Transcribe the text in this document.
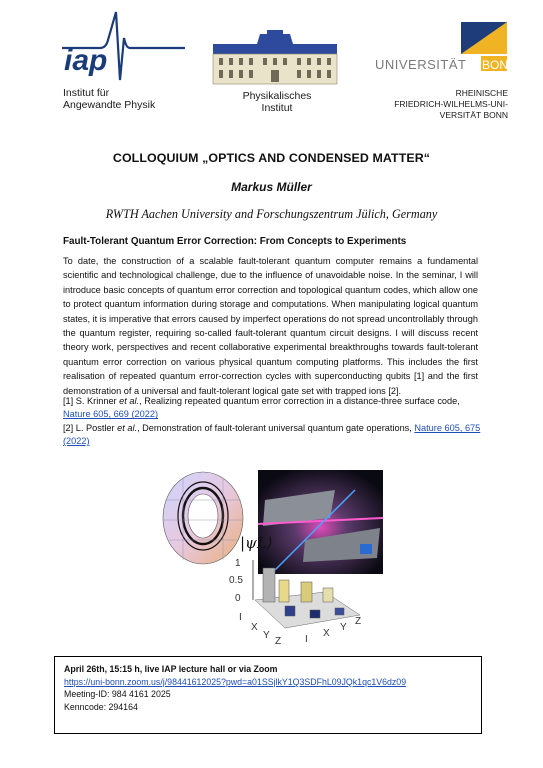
iap
Institut für
Angewandte Physik
Physikalisches
Institut
UNIVERSITÄT BONN
RHEINISCHE
FRIEDRICH-WILHELMS-UNI-
VERSITÄT BONN
COLLOQUIUM „OPTICS AND CONDENSED MATTER“
Markus Müller
RWTH Aachen University and Forschungszentrum Jülich, Germany
Fault-Tolerant Quantum Error Correction: From Concepts to Experiments
To date, the construction of a scalable fault-tolerant quantum computer remains a fundamental scientific and technological challenge, due to the influence of unavoidable noise. In the seminar, I will introduce basic concepts of quantum error correction and topological quantum codes, which allow one to protect quantum information during storage and computations. When manipulating logical quantum states, it is imperative that errors caused by imperfect operations do not spread uncontrollably through the quantum register, requiring so-called fault-tolerant quantum circuit designs. I will discuss recent theory work, perspectives and recent collaborative experimental breakthroughs towards fault-tolerant quantum error correction on various physical quantum computing platforms. This includes the first realisation of repeated quantum error-correction cycles with superconducting qubits [1] and the first demonstration of a universal and fault-tolerant logical gate set with trapped ions [2].
[1] S. Krinner et al., Realizing repeated quantum error correction in a distance-three surface code, Nature 605, 669 (2022)
[2] L. Postler et al., Demonstration of fault-tolerant universal quantum gate operations, Nature 605, 675 (2022)
|ψL⟩
1
0.5
0
I
X
Y
Z I
X
Y
Z
April 26th, 15:15 h, live IAP lecture hall or via Zoom
https://uni-bonn.zoom.us/j/98441612025?pwd=a01SSjlkY1Q3SDFhL09JQk1qc1V6dz09
Meeting-ID: 984 4161 2025
Kenncode: 294164
